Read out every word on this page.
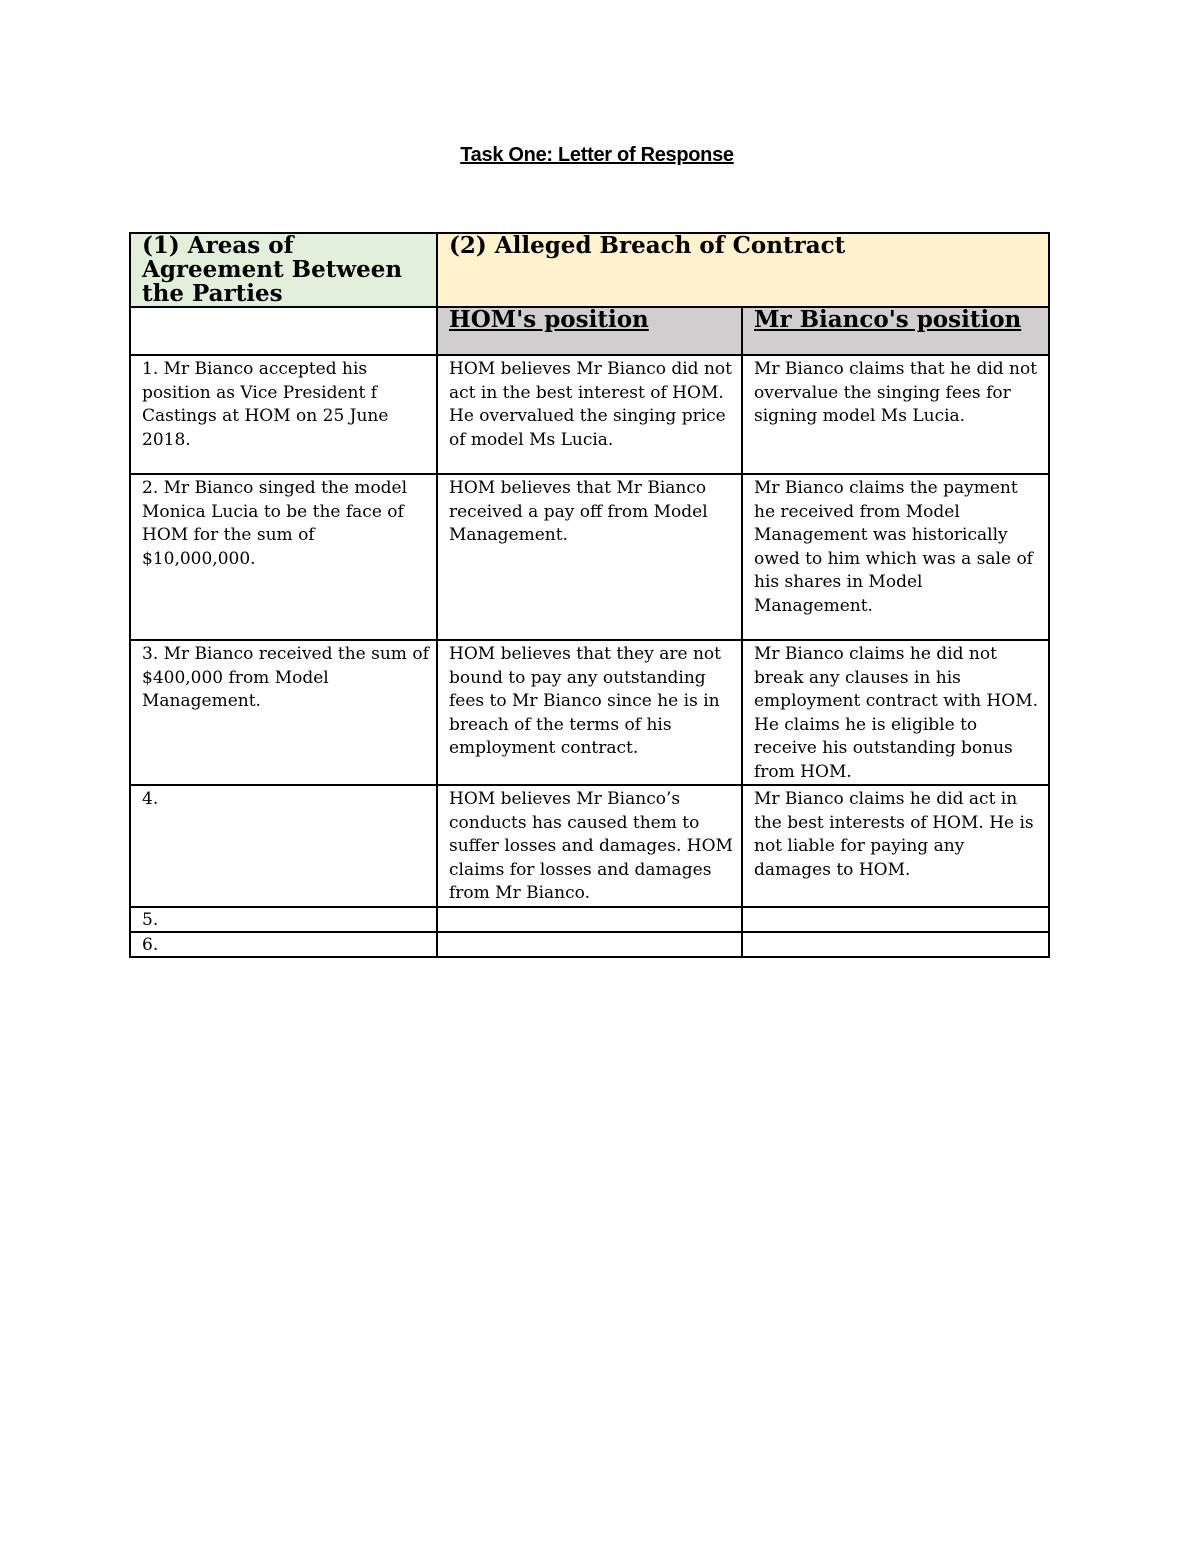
Task One: Letter of Response
(1) Areas of Agreement Between the Parties	(2) Alleged Breach of Contract	
	HOM's position	Mr Bianco's position
1. Mr Bianco accepted his position as Vice President f Castings at HOM on 25 June 2018.	HOM believes Mr Bianco did not act in the best interest of HOM. He overvalued the singing price of model Ms Lucia.	Mr Bianco claims that he did not overvalue the singing fees for signing model Ms Lucia.
2. Mr Bianco singed the model Monica Lucia to be the face of HOM for the sum of $10,000,000.	HOM believes that Mr Bianco received a pay off from Model Management.	Mr Bianco claims the payment he received from Model Management was historically owed to him which was a sale of his shares in Model Management.
3. Mr Bianco received the sum of $400,000 from Model Management.	HOM believes that they are not bound to pay any outstanding fees to Mr Bianco since he is in breach of the terms of his employment contract.	Mr Bianco claims he did not break any clauses in his employment contract with HOM. He claims he is eligible to receive his outstanding bonus from HOM.
4.	HOM believes Mr Bianco’s conducts has caused them to suffer losses and damages. HOM claims for losses and damages from Mr Bianco.	Mr Bianco claims he did act in the best interests of HOM. He is not liable for paying any damages to HOM.
5.		
6.		
